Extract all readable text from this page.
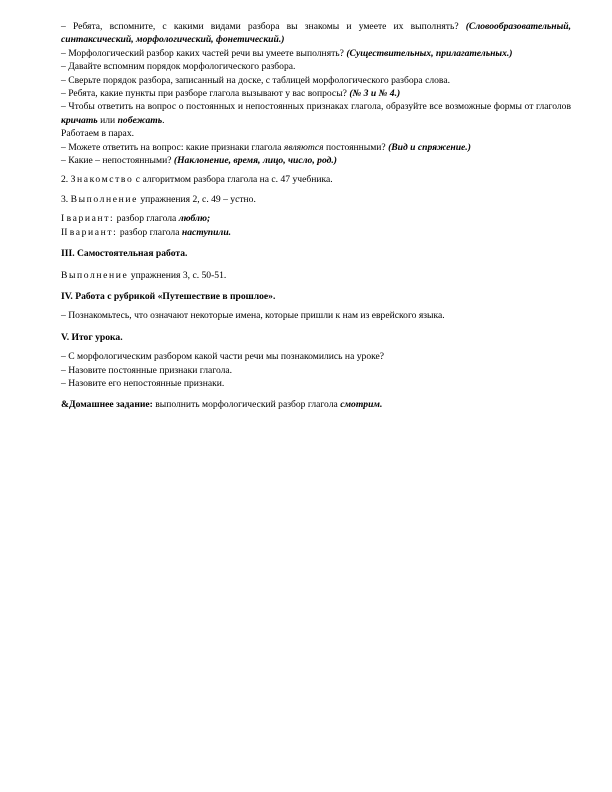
– Ребята, вспомните, с какими видами разбора вы знакомы и умеете их выполнять? (Словообразовательный, синтаксический, морфологический, фонетический.)

– Морфологический разбор каких частей речи вы умеете выполнять? (Существительных, прилагательных.)

– Давайте вспомним порядок морфологического разбора.

– Сверьте порядок разбора, записанный на доске, с таблицей морфологического разбора слова.

– Ребята, какие пункты при разборе глагола вызывают у вас вопросы? (№ 3 и № 4.)

– Чтобы ответить на вопрос о постоянных и непостоянных признаках глагола, образуйте все возможные формы от глаголов кричать или побежать.

Работаем в парах.

– Можете ответить на вопрос: какие признаки глагола являются постоянными? (Вид и спряжение.)

– Какие – непостоянными? (Наклонение, время, лицо, число, род.)

2. Знакомство с алгоритмом разбора глагола на с. 47 учебника.

3. Выполнение упражнения 2, с. 49 – устно.

I вариант: разбор глагола люблю;

II вариант: разбор глагола наступили.

III. Самостоятельная работа.

Выполнение упражнения 3, с. 50-51.

IV. Работа с рубрикой «Путешествие в прошлое».

– Познакомьтесь, что означают некоторые имена, которые пришли к нам из еврейского языка.

V. Итог урока.

– С морфологическим разбором какой части речи мы познакомились на уроке?

– Назовите постоянные признаки глагола.

– Назовите его непостоянные признаки.

&Домашнее задание: выполнить морфологический разбор глагола смотрим.
